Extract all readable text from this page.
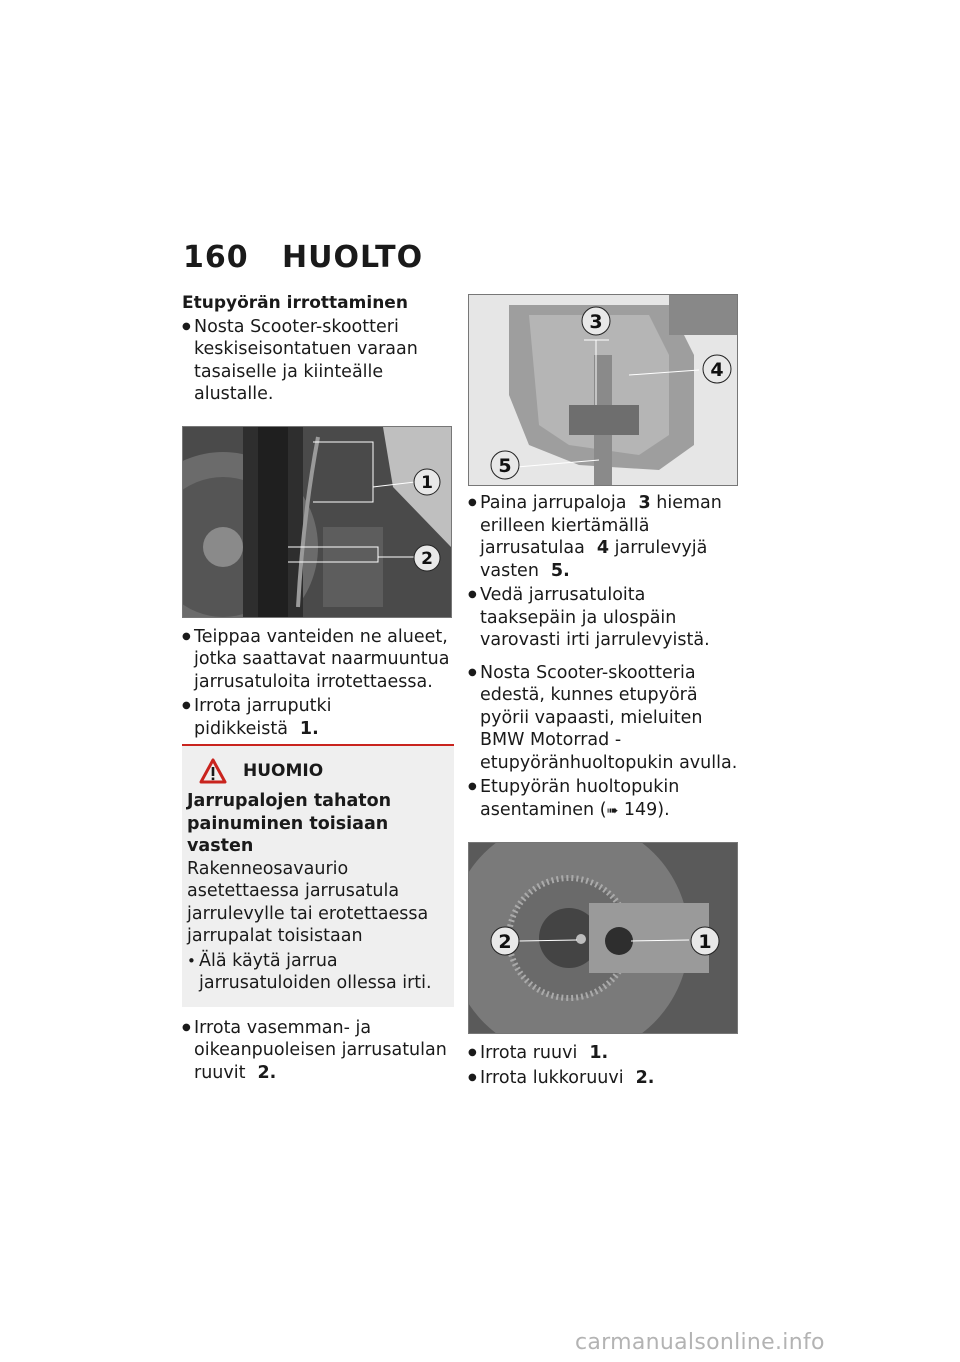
160 HUOLTO
Etupyörän irrottaminen
● Nosta Scooter-skootteri keskiseisontatuen varaan tasaiselle ja kiinteälle alustalle.
1
2
● Teippaa vanteiden ne alueet, jotka saattavat naarmuuntua jarrusatuloita irrotettaessa.
● Irrota jarruputki pidikkeistä 1.
HUOMIO
Jarrupalojen tahaton painuminen toisiaan vasten
Rakenneosavaurio asetettaessa jarrusatula jarrulevylle tai erotettaessa jarrupalat toisistaan
• Älä käytä jarrua jarrusatuloiden ollessa irti.
● Irrota vasemman- ja oikeanpuoleisen jarrusatulan ruuvit 2.
3
4
5
● Paina jarrupaloja 3 hieman erilleen kiertämällä jarrusatulaa 4 jarrulevyjä vasten 5.
● Vedä jarrusatuloita taaksepäin ja ulospäin varovasti irti jarrulevyistä.
● Nosta Scooter-skootteria edestä, kunnes etupyörä pyörii vapaasti, mieluiten BMW Motorrad -etupyöränhuoltopukin avulla.
● Etupyörän huoltopukin asentaminen (➠ 149).
2	1
● Irrota ruuvi 1.
● Irrota lukkoruuvi 2.
carmanualsonline.info
